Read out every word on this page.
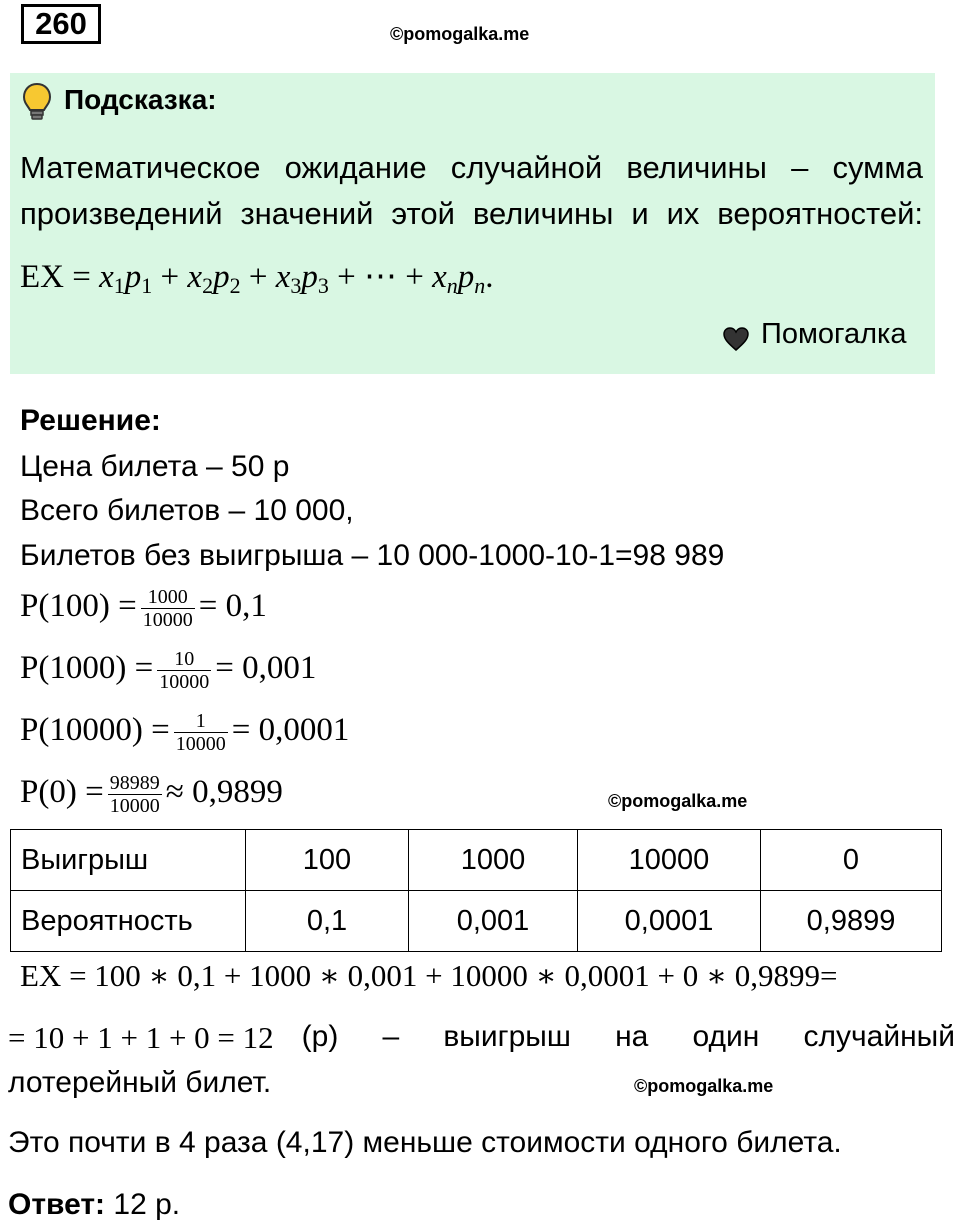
260	©pomogalka.me
Подсказка:
Математическое ожидание случайной величины – сумма
произведений значений этой величины и их вероятностей:
EX = $x_1p_1 + x_2p_2 + x_3p_3$ + ⋯ + $x_np_n$.
Помогалка
Решение:
Цена билета – 50 р
Всего билетов – 10 000,
Билетов без выигрыша – 10 000-1000-10-1=98 989
$P(100) = \frac{1000}{10000} = 0,1$
$P(1000) = \frac{10}{10000} = 0,001$
$P(10000) = \frac{1}{10000} = 0,0001$
$P(0) = \frac{98989}{10000} \approx 0,9899$	©pomogalka.me
Выигрыш	100	1000	10000	0
Вероятность	0,1	0,001	0,0001	0,9899
EX = 100 ∗ 0,1 + 1000 ∗ 0,001 + 10000 ∗ 0,0001 + 0 ∗ 0,9899=
= 10 + 1 + 1 + 0 = 12 (р) – выигрыш на один случайный
лотерейный билет.	©pomogalka.me
Это почти в 4 раза (4,17) меньше стоимости одного билета.
Ответ: 12 р.
